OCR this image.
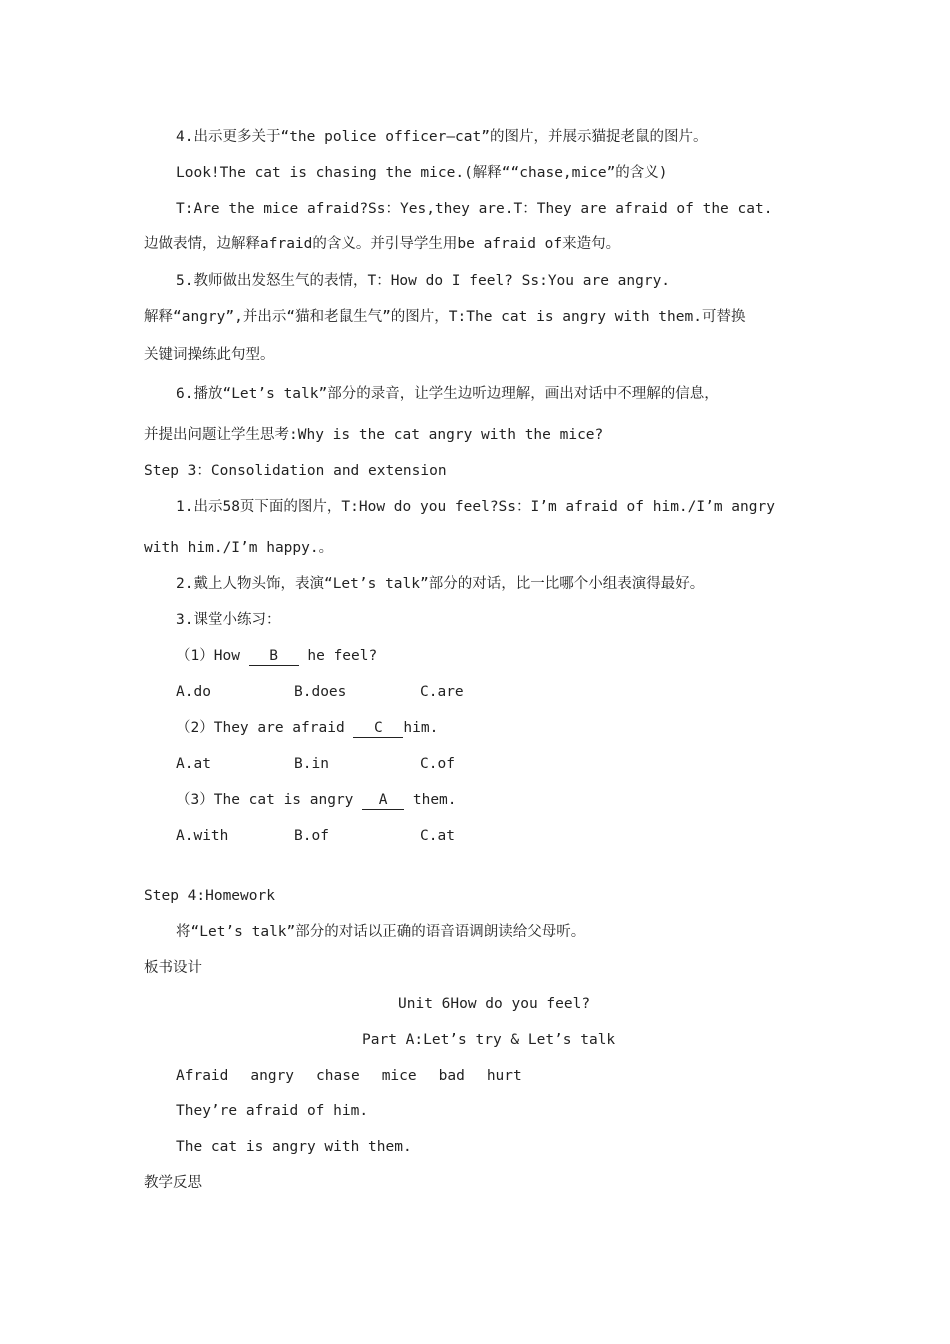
4.出示更多关于“the police officer—cat”的图片，并展示猫捉老鼠的图片。
Look!The cat is chasing the mice.(解释““chase,mice”的含义)
T:Are the mice afraid?Ss：Yes,they are.T：They are afraid of the cat.
边做表情，边解释afraid的含义。并引导学生用be afraid of来造句。
5.教师做出发怒生气的表情，T：How do I feel? Ss:You are angry.
解释“angry”,并出示“猫和老鼠生气”的图片，T:The cat is angry with them.可替换
关键词操练此句型。
6.播放“Let’s talk”部分的录音，让学生边听边理解，画出对话中不理解的信息，
并提出问题让学生思考:Why is the cat angry with the mice?
Step 3：Consolidation and extension
1.出示58页下面的图片，T:How do you feel?Ss：I’m afraid of him./I’m angry
with him./I’m happy.。
2.戴上人物头饰，表演“Let’s talk”部分的对话，比一比哪个小组表演得最好。
3.课堂小练习：
（1）How B he feel?
A.do	B.does	C.are
（2）They are afraid C him.
A.at	B.in	C.of
（3）The cat is angry A them.
A.with	B.of	C.at
Step 4:Homework
将“Let’s talk”部分的对话以正确的语音语调朗读给父母听。
板书设计
Unit 6How do you feel?
Part A:Let’s try & Let’s talk
Afraid angry chase mice bad hurt
They’re afraid of him.
The cat is angry with them.
教学反思
